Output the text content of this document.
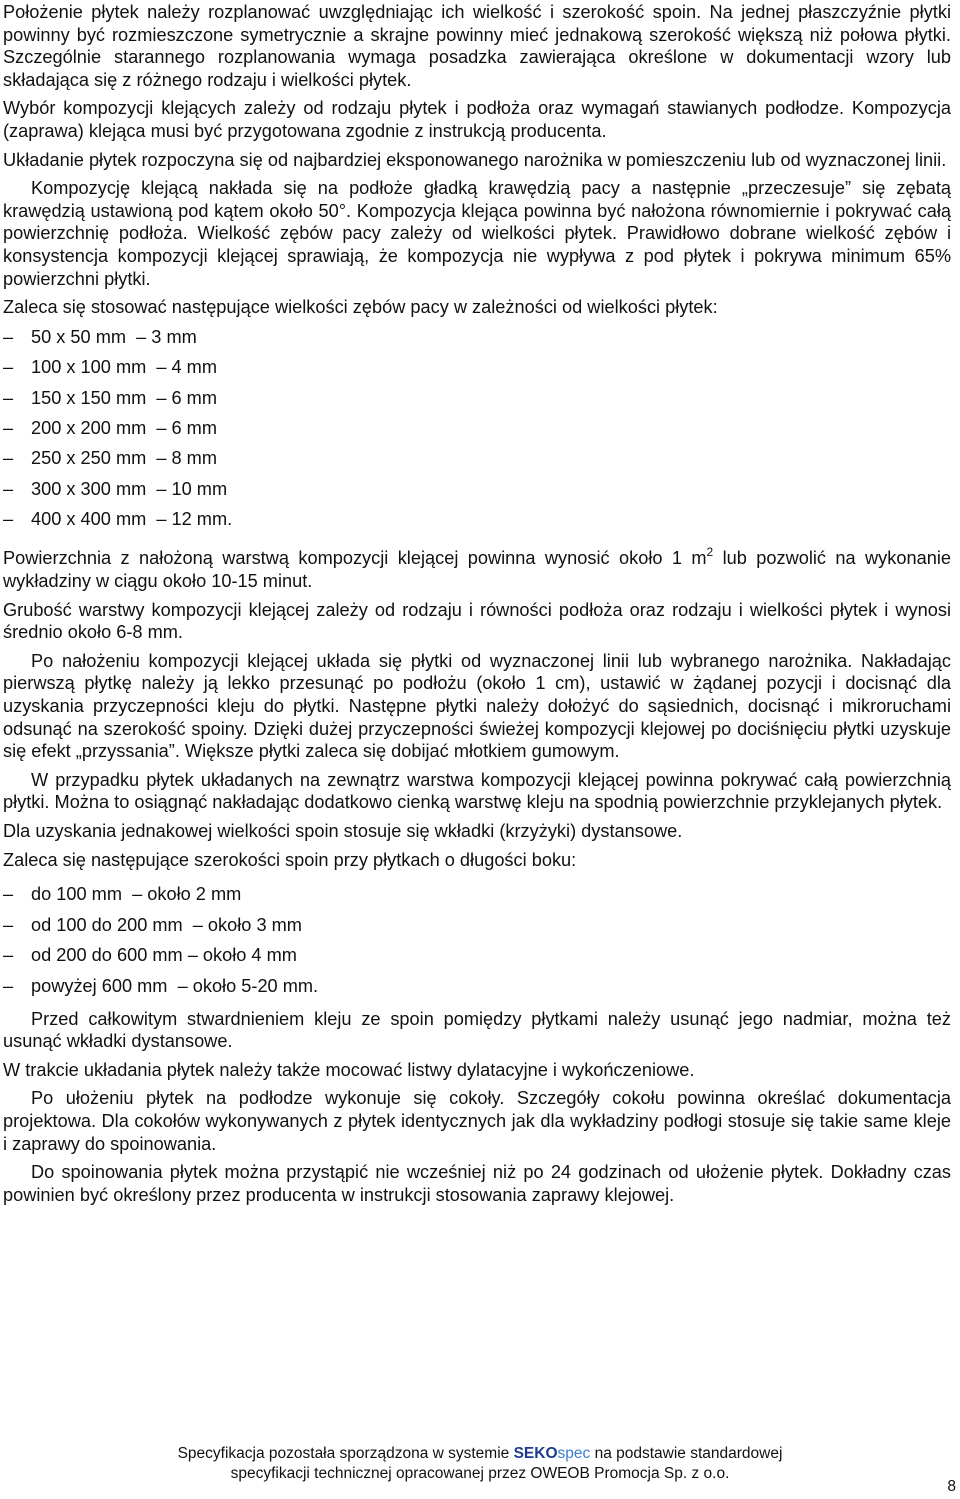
Położenie płytek należy rozplanować uwzględniając ich wielkość i szerokość spoin. Na jednej płaszczyźnie płytki powinny być rozmieszczone symetrycznie a skrajne powinny mieć jednakową szerokość większą niż połowa płytki. Szczególnie starannego rozplanowania wymaga posadzka zawierająca określone w dokumentacji wzory lub składająca się z różnego rodzaju i wielkości płytek.

Wybór kompozycji klejących zależy od rodzaju płytek i podłoża oraz wymagań stawianych podłodze. Kompozycja (zaprawa) klejąca musi być przygotowana zgodnie z instrukcją producenta.

Układanie płytek rozpoczyna się od najbardziej eksponowanego narożnika w pomieszczeniu lub od wyznaczonej linii.

Kompozycję klejącą nakłada się na podłoże gładką krawędzią pacy a następnie „przeczesuje” się zębatą krawędzią ustawioną pod kątem około 50°. Kompozycja klejąca powinna być nałożona równomiernie i pokrywać całą powierzchnię podłoża. Wielkość zębów pacy zależy od wielkości płytek. Prawidłowo dobrane wielkość zębów i konsystencja kompozycji klejącej sprawiają, że kompozycja nie wypływa z pod płytek i pokrywa minimum 65% powierzchni płytki.

Zaleca się stosować następujące wielkości zębów pacy w zależności od wielkości płytek:

– 50 x 50 mm  – 3 mm
– 100 x 100 mm  – 4 mm
– 150 x 150 mm  – 6 mm
– 200 x 200 mm  – 6 mm
– 250 x 250 mm  – 8 mm
– 300 x 300 mm  – 10 mm
– 400 x 400 mm  – 12 mm.

Powierzchnia z nałożoną warstwą kompozycji klejącej powinna wynosić około 1 $m^2$ lub pozwolić na wykonanie wykładziny w ciągu około 10-15 minut.

Grubość warstwy kompozycji klejącej zależy od rodzaju i równości podłoża oraz rodzaju i wielkości płytek i wynosi średnio około 6-8 mm.

Po nałożeniu kompozycji klejącej układa się płytki od wyznaczonej linii lub wybranego narożnika. Nakładając pierwszą płytkę należy ją lekko przesunąć po podłożu (około 1 cm), ustawić w żądanej pozycji i docisnąć dla uzyskania przyczepności kleju do płytki. Następne płytki należy dołożyć do sąsiednich, docisnąć i mikroruchami odsunąć na szerokość spoiny. Dzięki dużej przyczepności świeżej kompozycji klejowej po dociśnięciu płytki uzyskuje się efekt „przyssania”. Większe płytki zaleca się dobijać młotkiem gumowym.

W przypadku płytek układanych na zewnątrz warstwa kompozycji klejącej powinna pokrywać całą powierzchnią płytki. Można to osiągnąć nakładając dodatkowo cienką warstwę kleju na spodnią powierzchnie przyklejanych płytek.

Dla uzyskania jednakowej wielkości spoin stosuje się wkładki (krzyżyki) dystansowe.

Zaleca się następujące szerokości spoin przy płytkach o długości boku:

– do 100 mm  – około 2 mm
– od 100 do 200 mm  – około 3 mm
– od 200 do 600 mm – około 4 mm
– powyżej 600 mm  – około 5-20 mm.

Przed całkowitym stwardnieniem kleju ze spoin pomiędzy płytkami należy usunąć jego nadmiar, można też usunąć wkładki dystansowe.

W trakcie układania płytek należy także mocować listwy dylatacyjne i wykończeniowe.

Po ułożeniu płytek na podłodze wykonuje się cokoły. Szczegóły cokołu powinna określać dokumentacja projektowa. Dla cokołów wykonywanych z płytek identycznych jak dla wykładziny podłogi stosuje się takie same kleje i zaprawy do spoinowania.

Do spoinowania płytek można przystąpić nie wcześniej niż po 24 godzinach od ułożenie płytek. Dokładny czas powinien być określony przez producenta w instrukcji stosowania zaprawy klejowej.

Specyfikacja pozostała sporządzona w systemie SEKOspec na podstawie standardowej
specyfikacji technicznej opracowanej przez OWEOB Promocja Sp. z o.o.
8
